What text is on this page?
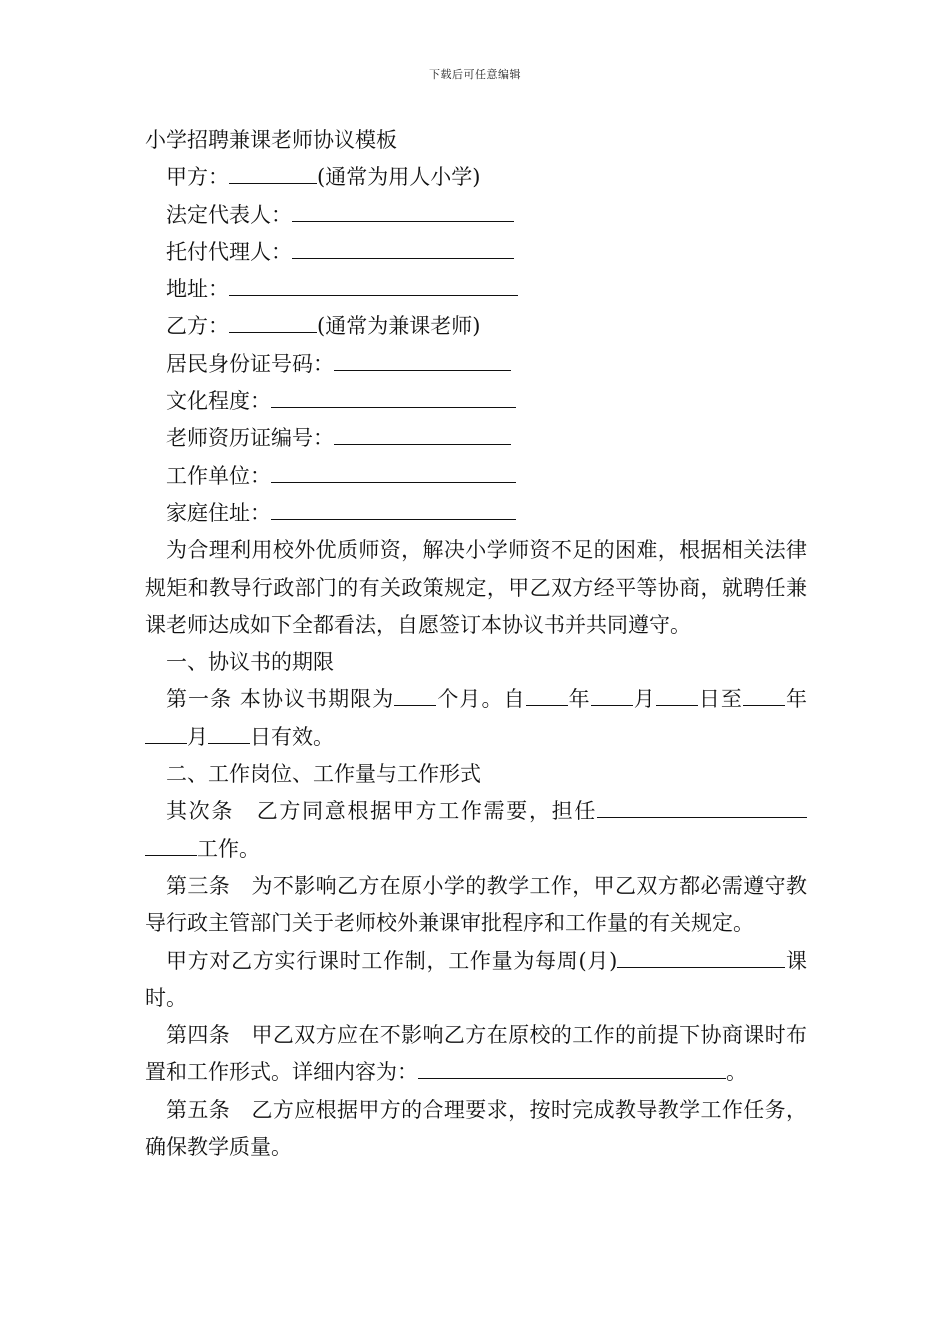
下载后可任意编辑
小学招聘兼课老师协议模板
甲方：	(通常为用人小学)
法定代表人：
托付代理人：
地址：
乙方：	(通常为兼课老师)
居民身份证号码：
文化程度：
老师资历证编号：
工作单位：
家庭住址：
为合理利用校外优质师资，解决小学师资不足的困难，根据相关法律规矩和教导行政部门的有关政策规定，甲乙双方经平等协商，就聘任兼课老师达成如下全都看法，自愿签订本协议书并共同遵守。
一、协议书的期限
第一条 本协议书期限为 个月。自 年 月 日至 年月 日有效。
二、工作岗位、工作量与工作形式
其次条　乙方同意根据甲方工作需要，担任工作。
第三条　为不影响乙方在原小学的教学工作，甲乙双方都必需遵守教导行政主管部门关于老师校外兼课审批程序和工作量的有关规定。
甲方对乙方实行课时工作制，工作量为每周(月)	课时。
第四条　甲乙双方应在不影响乙方在原校的工作的前提下协商课时布置和工作形式。详细内容为：	。
第五条　乙方应根据甲方的合理要求，按时完成教导教学工作任务，确保教学质量。
